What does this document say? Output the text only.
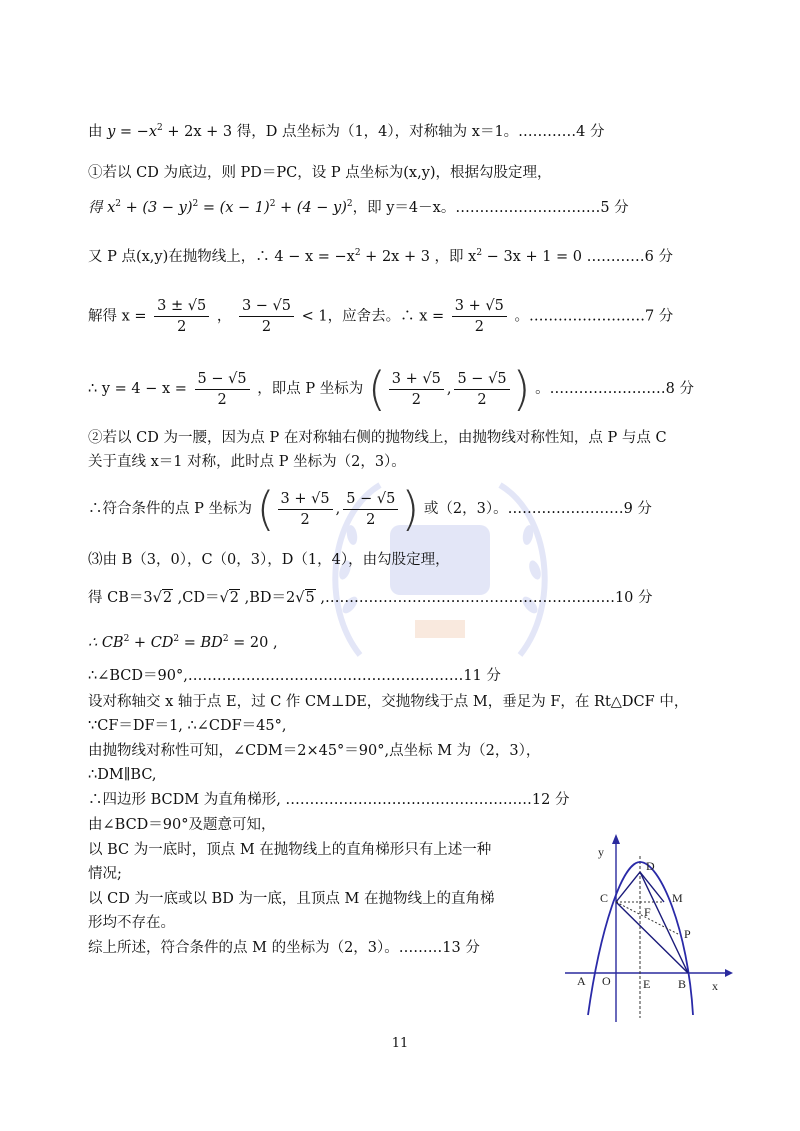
由 $y = -x^2 + 2x + 3$ 得，D 点坐标为（1，4），对称轴为 x＝1。…………4 分
①若以 CD 为底边，则 PD＝PC，设 P 点坐标为(x,y)，根据勾股定理，
得 $x^2 + (3 - y)^2 = (x - 1)^2 + (4 - y)^2$，即 y＝4－x。…………………………5 分
又 P 点(x,y)在抛物线上，∴ $4 - x = -x^2 + 2x + 3$ ，即 $x^2 - 3x + 1 = 0$ …………6 分
解得 $x = \frac{3 \pm √5}{2}$ ， $\frac{3 - √5}{2} < 1$，应舍去。∴ $x = \frac{3 + √5}{2}$ 。……………………7 分
∴ $y = 4 - x = \frac{5 - √5}{2}$ ，即点 P 坐标为 ( $\frac{3 + √5}{2}$ , $\frac{5 - √5}{2}$ ) 。……………………8 分
②若以 CD 为一腰，因为点 P 在对称轴右侧的抛物线上，由抛物线对称性知，点 P 与点 C
关于直线 x＝1 对称，此时点 P 坐标为（2，3）。
∴符合条件的点 P 坐标为 ( $\frac{3 + √5}{2}$ , $\frac{5 - √5}{2}$ ) 或（2，3）。……………………9 分
⑶由 B（3，0），C（0，3），D（1，4），由勾股定理，
得 CB＝3√2 ,CD＝√2 ,BD＝2√5 ,……………………………………………………10 分
∴ $CB^2 + CD^2 = BD^2 = 20$ ,
∴∠BCD＝90°,…………………………………………………11 分
设对称轴交 x 轴于点 E，过 C 作 CM⊥DE，交抛物线于点 M，垂足为 F，在 Rt△DCF 中，
∵CF＝DF＝1, ∴∠CDF＝45°,
由抛物线对称性可知，∠CDM＝2×45°＝90°,点坐标 M 为（2，3），
∴DM∥BC,
∴四边形 BCDM 为直角梯形, ……………………………………………12 分
由∠BCD＝90°及题意可知，
以 BC 为一底时，顶点 M 在抛物线上的直角梯形只有上述一种
情况;
以 CD 为一底或以 BD 为一底，且顶点 M 在抛物线上的直角梯
形均不存在。
综上所述，符合条件的点 M 的坐标为（2，3）。………13 分
y
x
D
C	M
F
P
A O	E B
11
